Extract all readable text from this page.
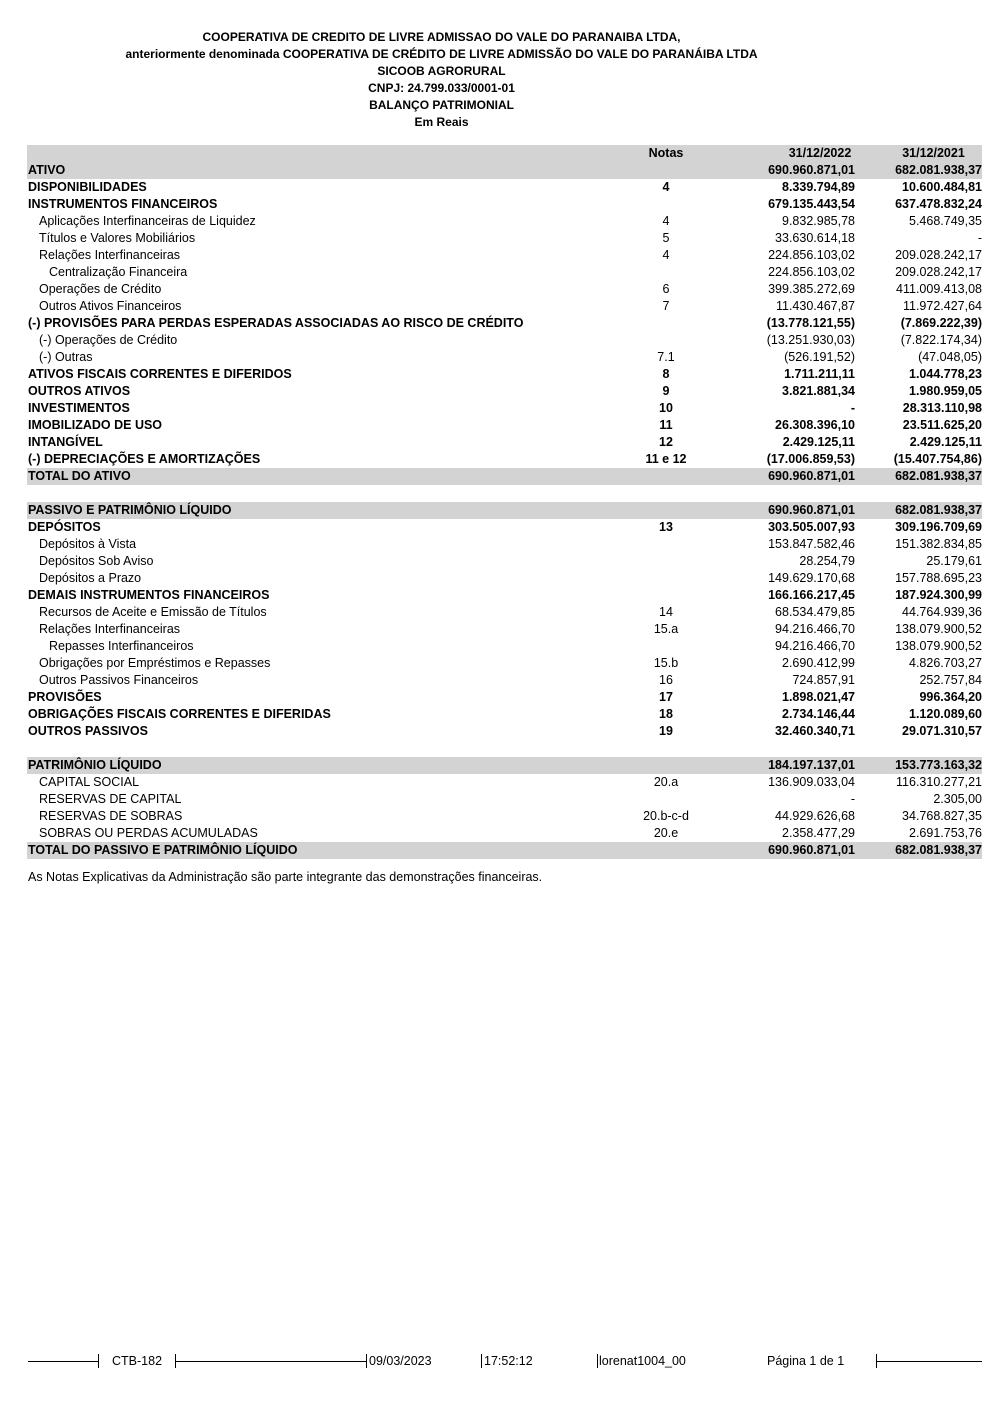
COOPERATIVA DE CREDITO DE LIVRE ADMISSAO DO VALE DO PARANAIBA LTDA,
anteriormente denominada COOPERATIVA DE CRÉDITO DE LIVRE ADMISSÃO DO VALE DO PARANÁIBA LTDA
SICOOB AGRORURAL
CNPJ: 24.799.033/0001-01
BALANÇO PATRIMONIAL
Em Reais
Notas	31/12/2022	31/12/2021
ATIVO	690.960.871,01	682.081.938,37
DISPONIBILIDADES	4	8.339.794,89	10.600.484,81
INSTRUMENTOS FINANCEIROS	679.135.443,54	637.478.832,24
Aplicações Interfinanceiras de Liquidez	4	9.832.985,78	5.468.749,35
Títulos e Valores Mobiliários	5	33.630.614,18	-
Relações Interfinanceiras	4	224.856.103,02	209.028.242,17
Centralização Financeira	224.856.103,02	209.028.242,17
Operações de Crédito	6	399.385.272,69	411.009.413,08
Outros Ativos Financeiros	7	11.430.467,87	11.972.427,64
(-) PROVISÕES PARA PERDAS ESPERADAS ASSOCIADAS AO RISCO DE CRÉDITO	(13.778.121,55)	(7.869.222,39)
(-) Operações de Crédito	(13.251.930,03)	(7.822.174,34)
(-) Outras	7.1	(526.191,52)	(47.048,05)
ATIVOS FISCAIS CORRENTES E DIFERIDOS	8	1.711.211,11	1.044.778,23
OUTROS ATIVOS	9	3.821.881,34	1.980.959,05
INVESTIMENTOS	10	-	28.313.110,98
IMOBILIZADO DE USO	11	26.308.396,10	23.511.625,20
INTANGÍVEL	12	2.429.125,11	2.429.125,11
(-) DEPRECIAÇÕES E AMORTIZAÇÕES	11 e 12	(17.006.859,53)	(15.407.754,86)
TOTAL DO ATIVO	690.960.871,01	682.081.938,37
PASSIVO E PATRIMÔNIO LÍQUIDO	690.960.871,01	682.081.938,37
DEPÓSITOS	13	303.505.007,93	309.196.709,69
Depósitos à Vista	153.847.582,46	151.382.834,85
Depósitos Sob Aviso	28.254,79	25.179,61
Depósitos a Prazo	149.629.170,68	157.788.695,23
DEMAIS INSTRUMENTOS FINANCEIROS	166.166.217,45	187.924.300,99
Recursos de Aceite e Emissão de Títulos	14	68.534.479,85	44.764.939,36
Relações Interfinanceiras	15.a	94.216.466,70	138.079.900,52
Repasses Interfinanceiros	94.216.466,70	138.079.900,52
Obrigações por Empréstimos e Repasses	15.b	2.690.412,99	4.826.703,27
Outros Passivos Financeiros	16	724.857,91	252.757,84
PROVISÕES	17	1.898.021,47	996.364,20
OBRIGAÇÕES FISCAIS CORRENTES E DIFERIDAS	18	2.734.146,44	1.120.089,60
OUTROS PASSIVOS	19	32.460.340,71	29.071.310,57
PATRIMÔNIO LÍQUIDO	184.197.137,01	153.773.163,32
CAPITAL SOCIAL	20.a	136.909.033,04	116.310.277,21
RESERVAS DE CAPITAL	-	2.305,00
RESERVAS DE SOBRAS	20.b-c-d	44.929.626,68	34.768.827,35
SOBRAS OU PERDAS ACUMULADAS	20.e	2.358.477,29	2.691.753,76
TOTAL DO PASSIVO E PATRIMÔNIO LÍQUIDO	690.960.871,01	682.081.938,37
As Notas Explicativas da Administração são parte integrante das demonstrações financeiras.
CTB-182	09/03/2023	17:52:12	lorenat1004_00	Página 1 de 1
